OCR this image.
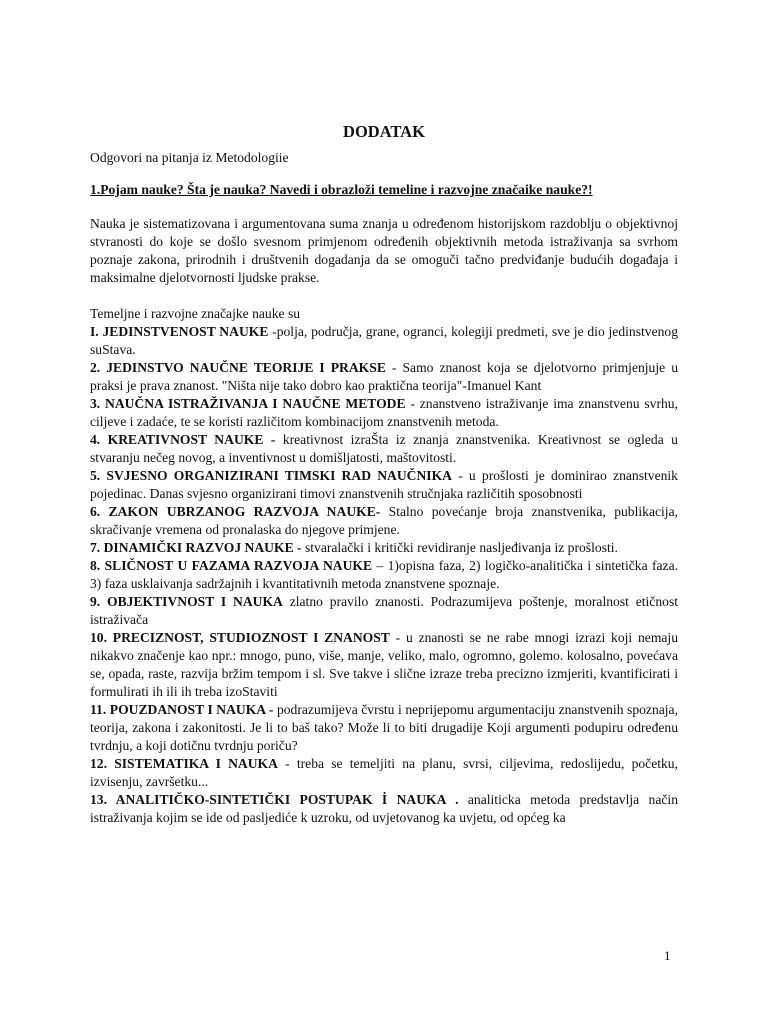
DODATAK

Odgovori na pitanja iz Metodologiie

1.Pojam nauke? Šta je nauka? Navedi i obrazloži temeline i razvojne značaike nauke?!

Nauka je sistematizovana i argumentovana suma znanja u određenom historijskom razdoblju o objektivnoj stvranosti do koje se došlo svesnom primjenom određenih objektivnih metoda istraživanja sa svrhom poznaje zakona, prirodnih i društvenih dogadanja da se omoguči tačno predviđanje budućih događaja i maksimalne djelotvornosti ljudske prakse.

Temeljne i razvojne značajke nauke su

I. JEDINSTVENOST NAUKE -polja, područja, grane, ogranci, kolegiji predmeti, sve je dio jedinstvenog suStava.

2. JEDINSTVO NAUČNE TEORIJE I PRAKSE - Samo znanost koja se djelotvorno primjenjuje u praksi je prava znanost. "Ništa nije tako dobro kao praktična teorija"-Imanuel Kant

3. NAUČNA ISTRAŽIVANJA I NAUČNE METODE - znanstveno istraživanje ima znanstvenu svrhu, ciljeve i zadaće, te se koristi različitom kombinacijom znanstvenih metoda.

4. KREATIVNOST NAUKE - kreativnost izraŠta iz znanja znanstvenika. Kreativnost se ogleda u stvaranju nečeg novog, a inventivnost u domišljatosti, maštovitosti.

5. SVJESNO ORGANIZIRANI TIMSKI RAD NAUČNIKA - u prošlosti je dominirao znanstvenik pojedinac. Danas svjesno organizirani timovi znanstvenih stručnjaka različitih sposobnosti

6. ZAKON UBRZANOG RAZVOJA NAUKE- Stalno povećanje broja znanstvenika, publikacija, skračivanje vremena od pronalaska do njegove primjene.

7. DINAMIČKI RAZVOJ NAUKE - stvaralački i kritički revidiranje nasljeđivanja iz prošlosti.

8. SLIČNOST U FAZAMA RAZVOJA NAUKE – 1)opisna faza, 2) logičko-analitička i sintetička faza. 3) faza usklaivanja sadržajnih i kvantitativnih metoda znanstvene spoznaje.

9. OBJEKTIVNOST I NAUKA zlatno pravilo znanosti. Podrazumijeva poštenje, moralnost etičnost istraživača

10. PRECIZNOST, STUDIOZNOST I ZNANOST - u znanosti se ne rabe mnogi izrazi koji nemaju nikakvo značenje kao npr.: mnogo, puno, više, manje, veliko, malo, ogromno, golemo. kolosalno, povećava se, opada, raste, razvija bržim tempom i sl. Sve takve i slične izraze treba precizno izmjeriti, kvantificirati i formulirati ih ili ih treba izoStaviti

11. POUZDANOST I NAUKA - podrazumijeva čvrstu i neprijepomu argumentaciju znanstvenih spoznaja, teorija, zakona i zakonitosti. Je li to baš tako? Može li to biti drugadije Koji argumenti podupiru određenu tvrdnju, a koji dotičnu tvrdnju poriču?

12. SISTEMATIKA I NAUKA - treba se temeljiti na planu, svrsi, ciljevima, redoslijedu, početku, izvisenju, završetku...

13. ANALITIČKO-SINTETIČKI POSTUPAK İ NAUKA . analiticka metoda predstavlja način istraživanja kojim se ide od pasljediće k uzroku, od uvjetovanog ka uvjetu, od općeg ka

1
